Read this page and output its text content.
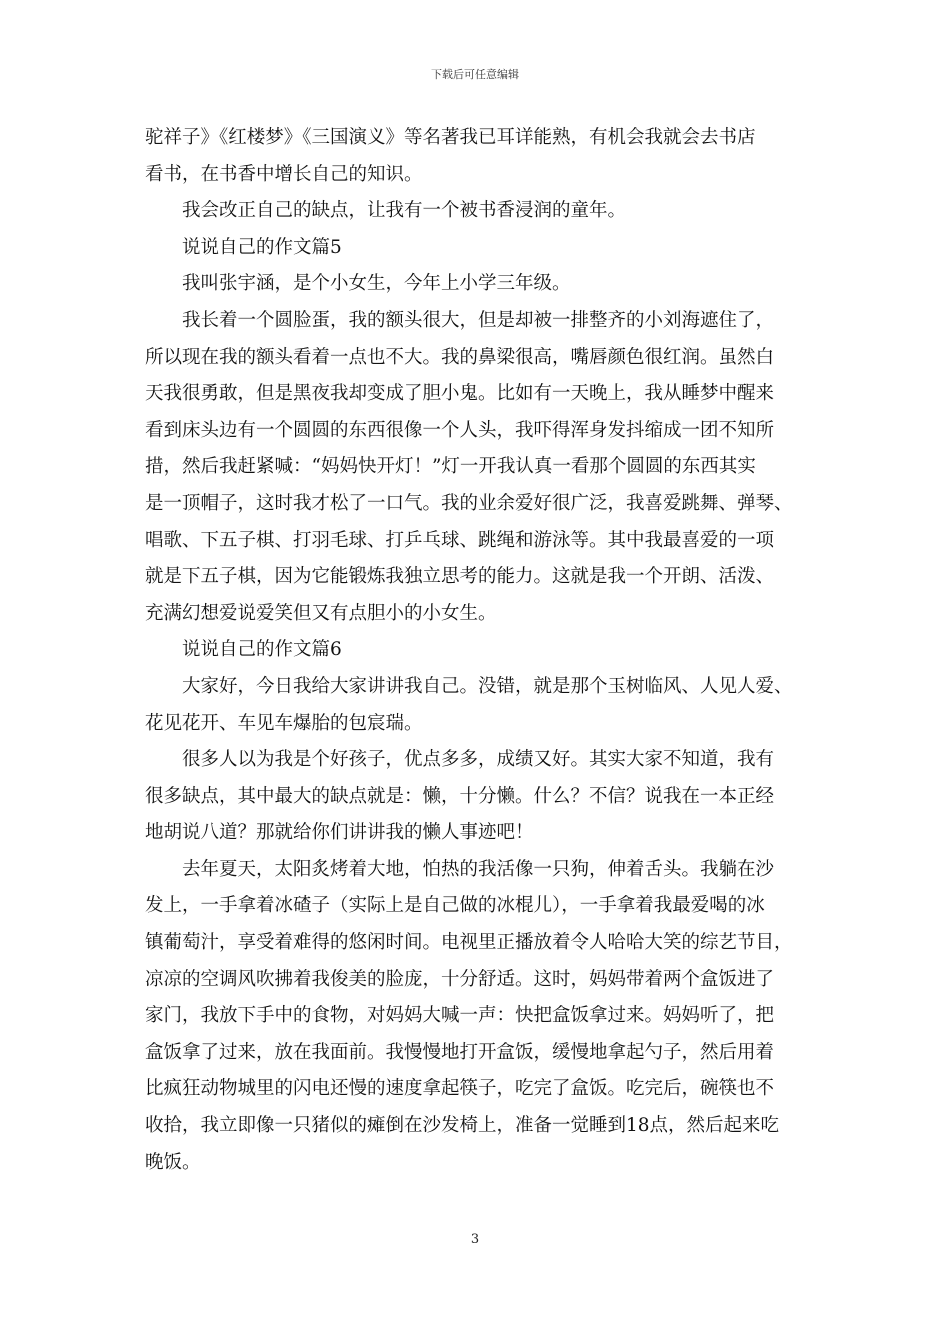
下载后可任意编辑
驼祥子》《红楼梦》《三国演义》等名著我已耳详能熟，有机会我就会去书店
看书，在书香中增长自己的知识。
我会改正自己的缺点，让我有一个被书香浸润的童年。
说说自己的作文篇5
我叫张宇涵，是个小女生，今年上小学三年级。
我长着一个圆脸蛋，我的额头很大，但是却被一排整齐的小刘海遮住了，
所以现在我的额头看着一点也不大。我的鼻梁很高，嘴唇颜色很红润。虽然白
天我很勇敢，但是黑夜我却变成了胆小鬼。比如有一天晚上，我从睡梦中醒来
看到床头边有一个圆圆的东西很像一个人头，我吓得浑身发抖缩成一团不知所
措，然后我赶紧喊：“妈妈快开灯！”灯一开我认真一看那个圆圆的东西其实
是一顶帽子，这时我才松了一口气。我的业余爱好很广泛，我喜爱跳舞、弹琴、
唱歌、下五子棋、打羽毛球、打乒乓球、跳绳和游泳等。其中我最喜爱的一项
就是下五子棋，因为它能锻炼我独立思考的能力。这就是我一个开朗、活泼、
充满幻想爱说爱笑但又有点胆小的小女生。
说说自己的作文篇6
大家好，今日我给大家讲讲我自己。没错，就是那个玉树临风、人见人爱、
花见花开、车见车爆胎的包宸瑞。
很多人以为我是个好孩子，优点多多，成绩又好。其实大家不知道，我有
很多缺点，其中最大的缺点就是：懒，十分懒。什么？不信？说我在一本正经
地胡说八道？那就给你们讲讲我的懒人事迹吧！
去年夏天，太阳炙烤着大地，怕热的我活像一只狗，伸着舌头。我躺在沙
发上，一手拿着冰碴子（实际上是自己做的冰棍儿），一手拿着我最爱喝的冰
镇葡萄汁，享受着难得的悠闲时间。电视里正播放着令人哈哈大笑的综艺节目，
凉凉的空调风吹拂着我俊美的脸庞，十分舒适。这时，妈妈带着两个盒饭进了
家门，我放下手中的食物，对妈妈大喊一声：快把盒饭拿过来。妈妈听了，把
盒饭拿了过来，放在我面前。我慢慢地打开盒饭，缓慢地拿起勺子，然后用着
比疯狂动物城里的闪电还慢的速度拿起筷子，吃完了盒饭。吃完后，碗筷也不
收拾，我立即像一只猪似的瘫倒在沙发椅上，准备一觉睡到18点，然后起来吃
晚饭。
3
